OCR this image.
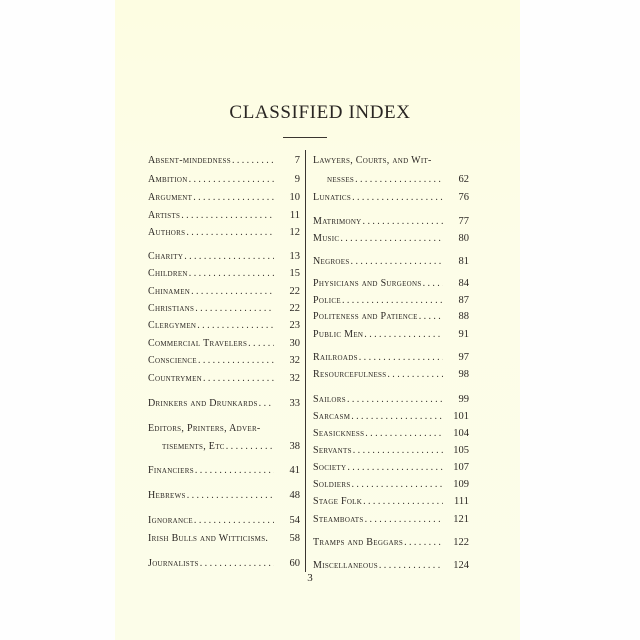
CLASSIFIED INDEX
Absent-mindedness .....	7
Ambition .....	9
Argument .....	10
Artists .....	11
Authors .....	12
Charity .....	13
Children .....	15
Chinamen .....	22
Christians .....	22
Clergymen .....	23
Commercial Travelers .....	30
Conscience .....	32
Countrymen .....	32
Drinkers and Drunkards .....	33
Editors, Printers, Adver-
tisements, Etc .....	38
Financiers .....	41
Hebrews .....	48
Ignorance .....	54
Irish Bulls and Witticisms.	58
Journalists .....	60
Lawyers, Courts, and Wit-
nesses .....	62
Lunatics .....	76
Matrimony .....	77
Music .....	80
Negroes .....	81
Physicians and Surgeons .....	84
Police .....	87
Politeness and Patience .....	88
Public Men .....	91
Railroads .....	97
Resourcefulness .....	98
Sailors .....	99
Sarcasm .....	101
Seasickness .....	104
Servants .....	105
Society .....	107
Soldiers .....	109
Stage Folk .....	111
Steamboats .....	121
Tramps and Beggars .....	122
Miscellaneous .....	124
3
